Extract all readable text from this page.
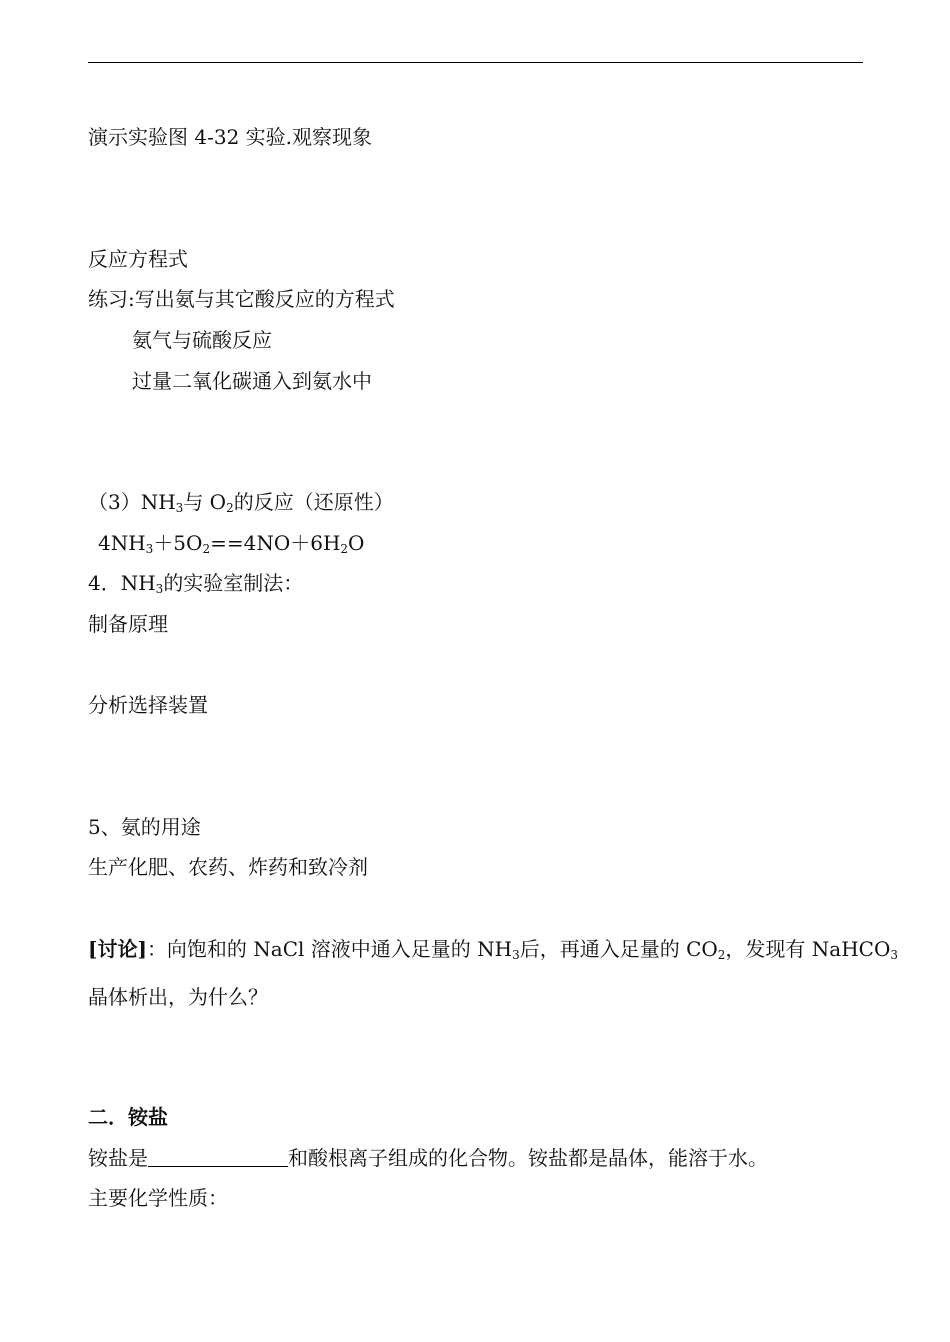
演示实验图 4-32 实验.观察现象
反应方程式
练习:写出氨与其它酸反应的方程式
氨气与硫酸反应
过量二氧化碳通入到氨水中
$(3)NH_3$与 $O_2$的反应（还原性）
$4NH_3+5O_2==4NO+6H_2O$
4．$NH_3$的实验室制法：
制备原理
分析选择装置
5、氨的用途
生产化肥、农药、炸药和致冷剂
[讨论]：向饱和的 NaCl 溶液中通入足量的 $NH_3$后，再通入足量的 $CO_2$，发现有 NaHCO$_3$
晶体析出，为什么？
二．铵盐
铵盐是	和酸根离子组成的化合物。铵盐都是晶体，能溶于水。
主要化学性质：
